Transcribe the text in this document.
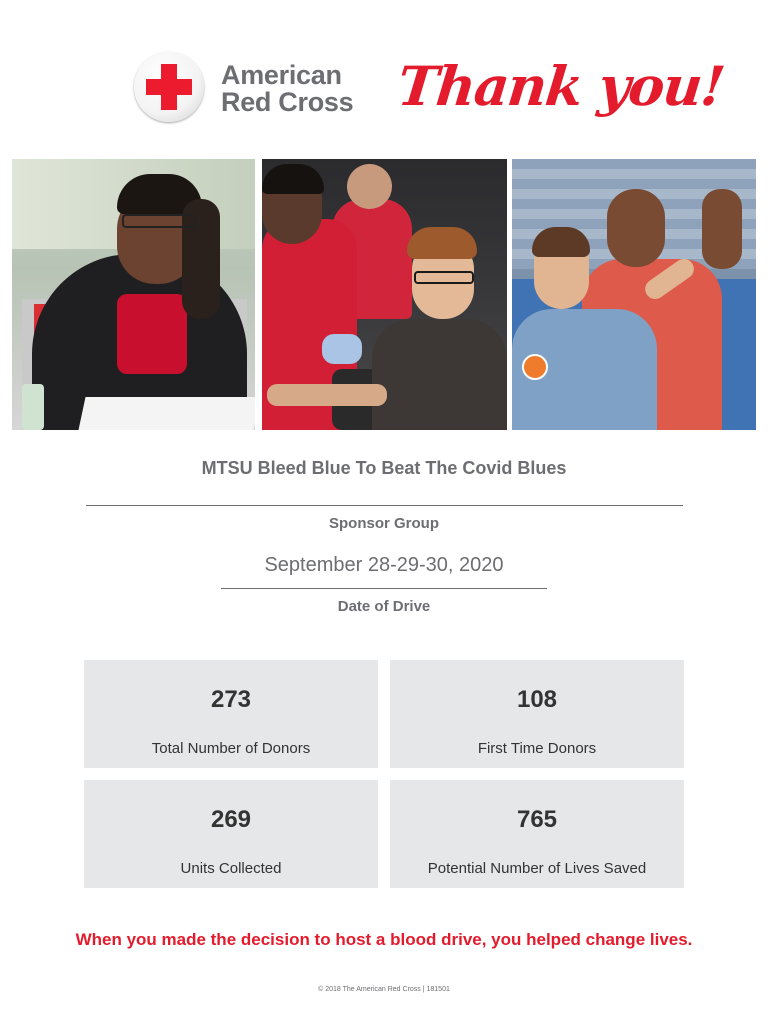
American
Red Cross Thank you!
MTSU Bleed Blue To Beat The Covid Blues
Sponsor Group
September 28-29-30, 2020
Date of Drive
273
Total Number of Donors
108
First Time Donors
269
Units Collected
765
Potential Number of Lives Saved
When you made the decision to host a blood drive, you helped change lives.
© 2018 The American Red Cross | 181501
